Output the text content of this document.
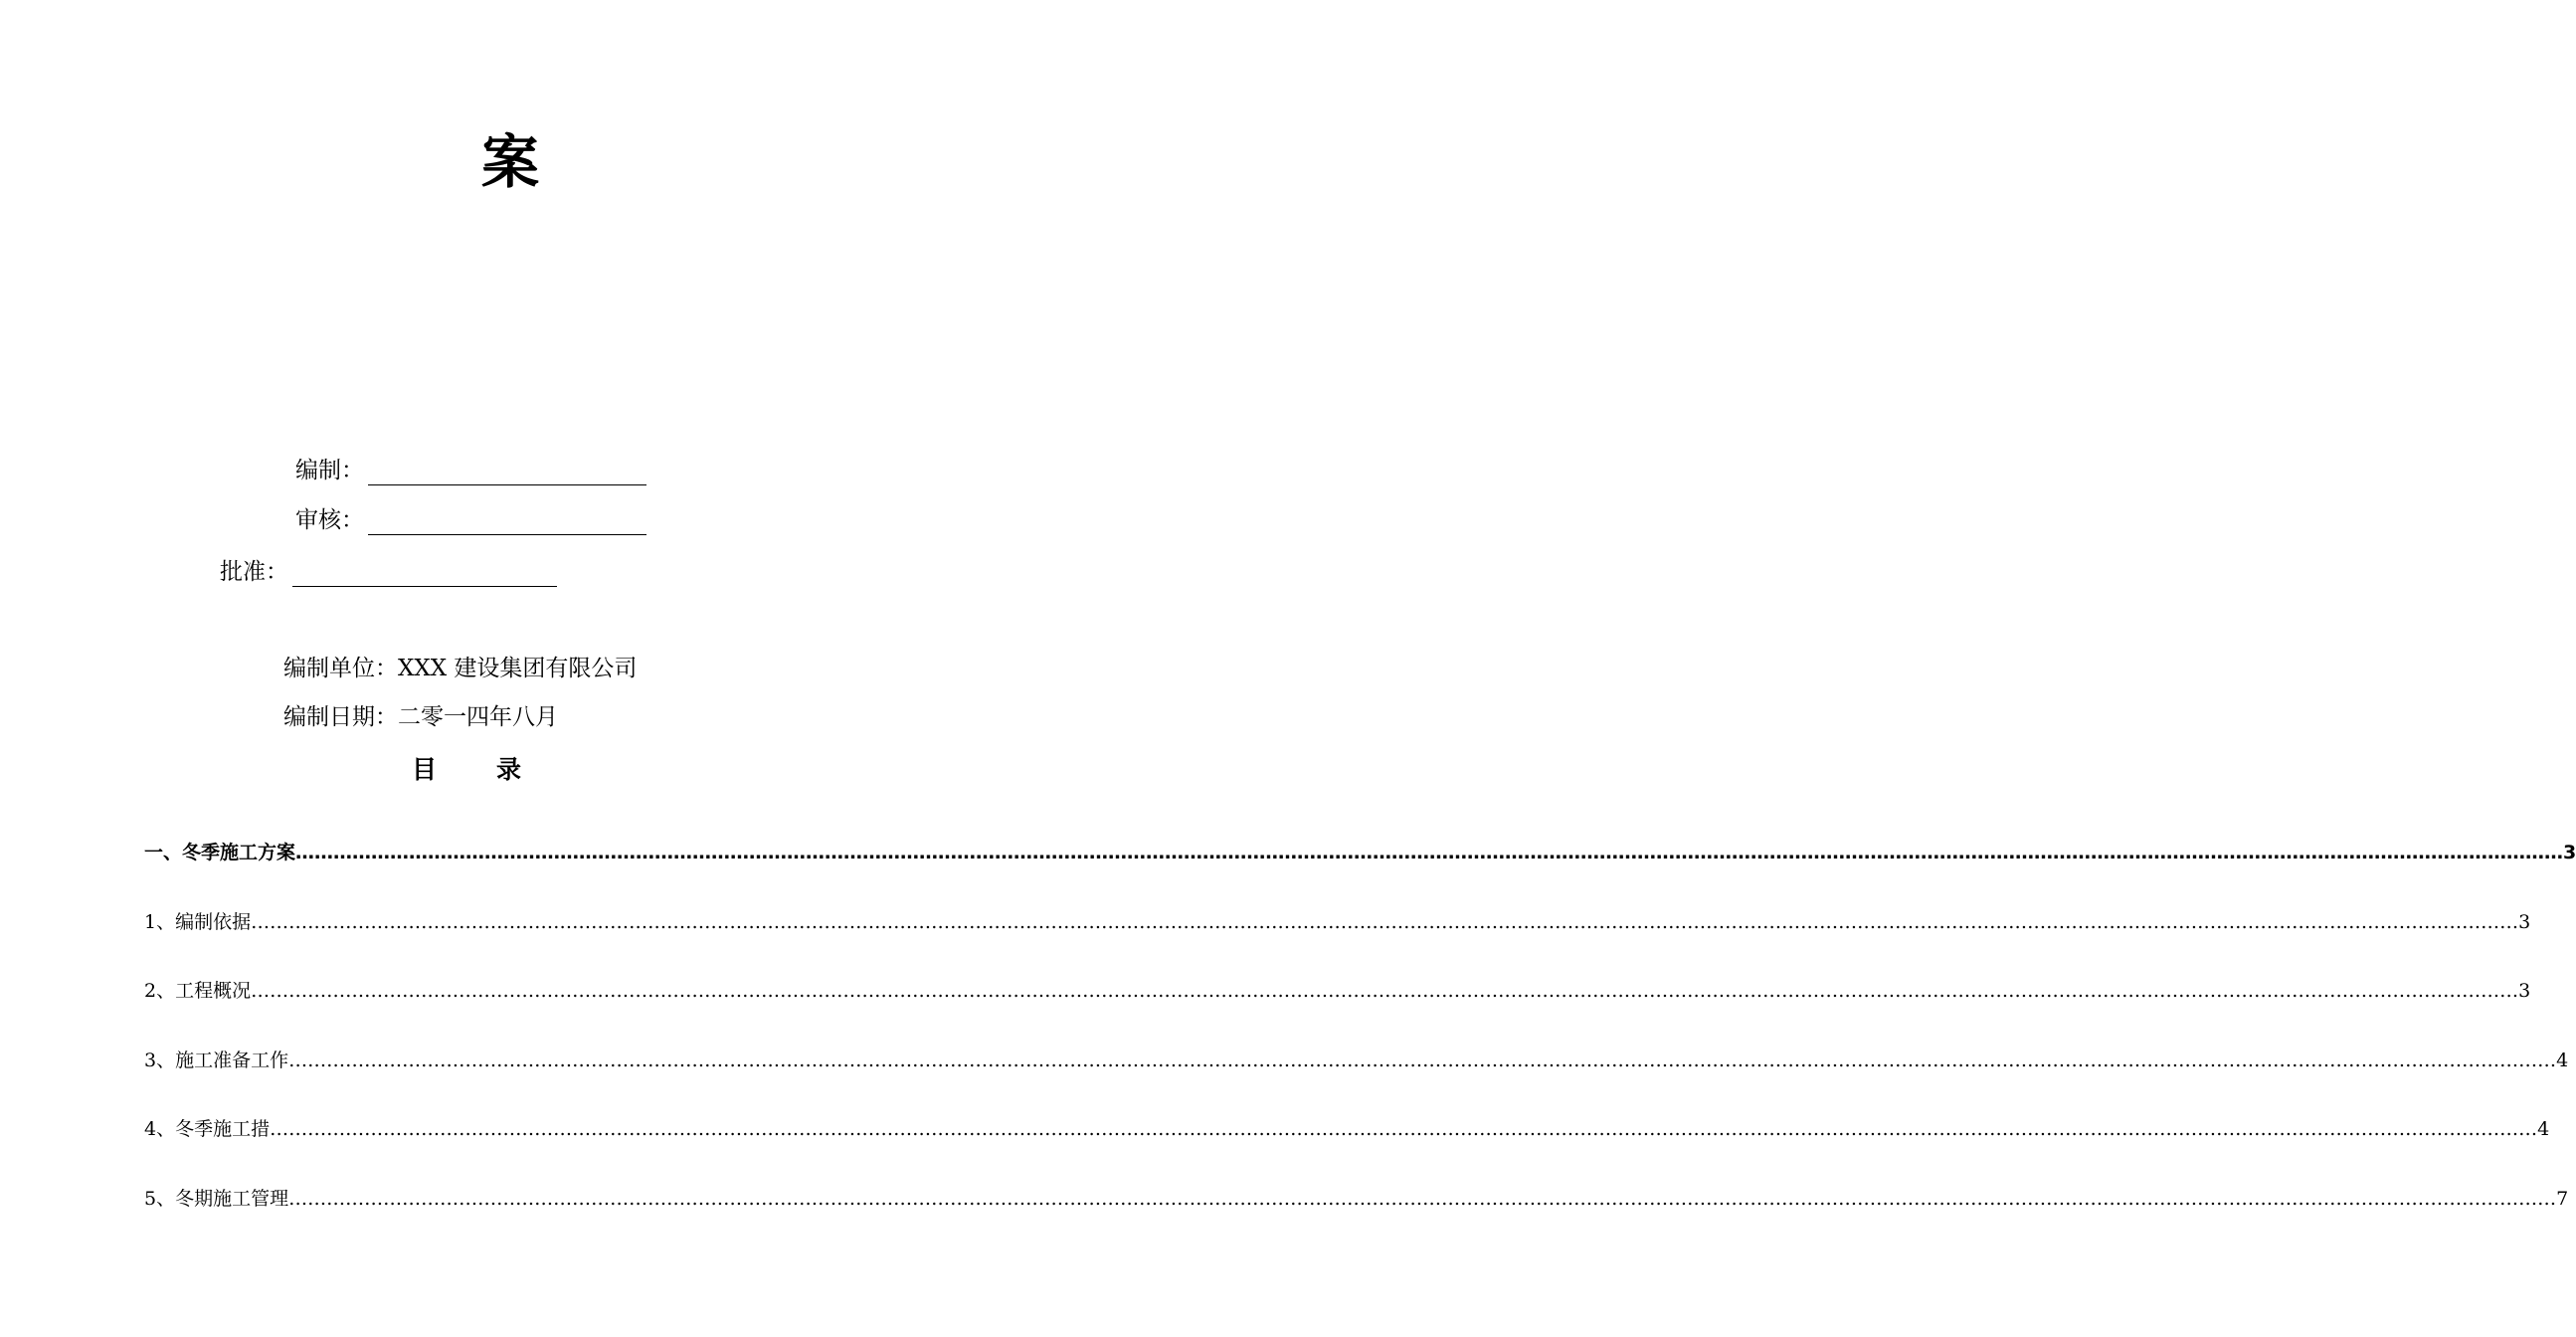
案
编制：
审核：
批准：
编制单位：XXX 建设集团有限公司
编制日期：二零一四年八月
目 录
一、冬季施工方案 ……………………………………………………………………………………………………………………………………………………………………………………………………………………………………………………………………………………………………………………………… 3
1、编制依据 ……………………………………………………………………………………………………………………………………………………………………………………………………………………………………………………………………………………………………………………………… 3
2、工程概况 ……………………………………………………………………………………………………………………………………………………………………………………………………………………………………………………………………………………………………………………………… 3
3、施工准备工作 ……………………………………………………………………………………………………………………………………………………………………………………………………………………………………………………………………………………………………………………………… 4
4、冬季施工措 ……………………………………………………………………………………………………………………………………………………………………………………………………………………………………………………………………………………………………………………………… 4
5、冬期施工管理 ……………………………………………………………………………………………………………………………………………………………………………………………………………………………………………………………………………………………………………………………… 7
